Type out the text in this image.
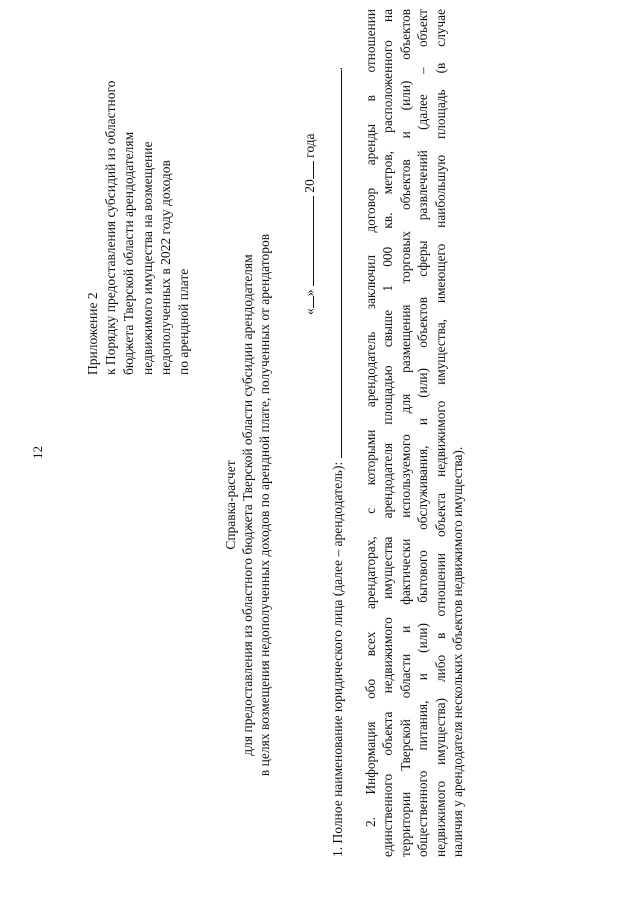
12
Приложение 2 к Порядку предоставления субсидий из областного бюджета Тверской области арендодателям недвижимого имущества на возмещение недополученных в 2022 году доходов по арендной плате
Справка-расчет для предоставления из областного бюджета Тверской области субсидии арендодателям в целях возмещения недополученных доходов по арендной плате, полученных от арендаторов «»  20 года
1. Полное наименование юридического лица (далее – арендодатель): . 2. Информация обо всех арендаторах, с которыми арендодатель заключил договор аренды в отношении единственного объекта недвижимого имущества арендодателя площадью свыше 1 000 кв. метров, расположенного на территории Тверской области и фактически используемого для размещения торговых объектов и (или) объектов общественного питания, и (или) бытового обслуживания, и (или) объектов сферы развлечений (далее – объект недвижимого имущества) либо в отношении объекта недвижимого имущества, имеющего наибольшую площадь (в случае наличия у арендодателя нескольких объектов недвижимого имущества).
